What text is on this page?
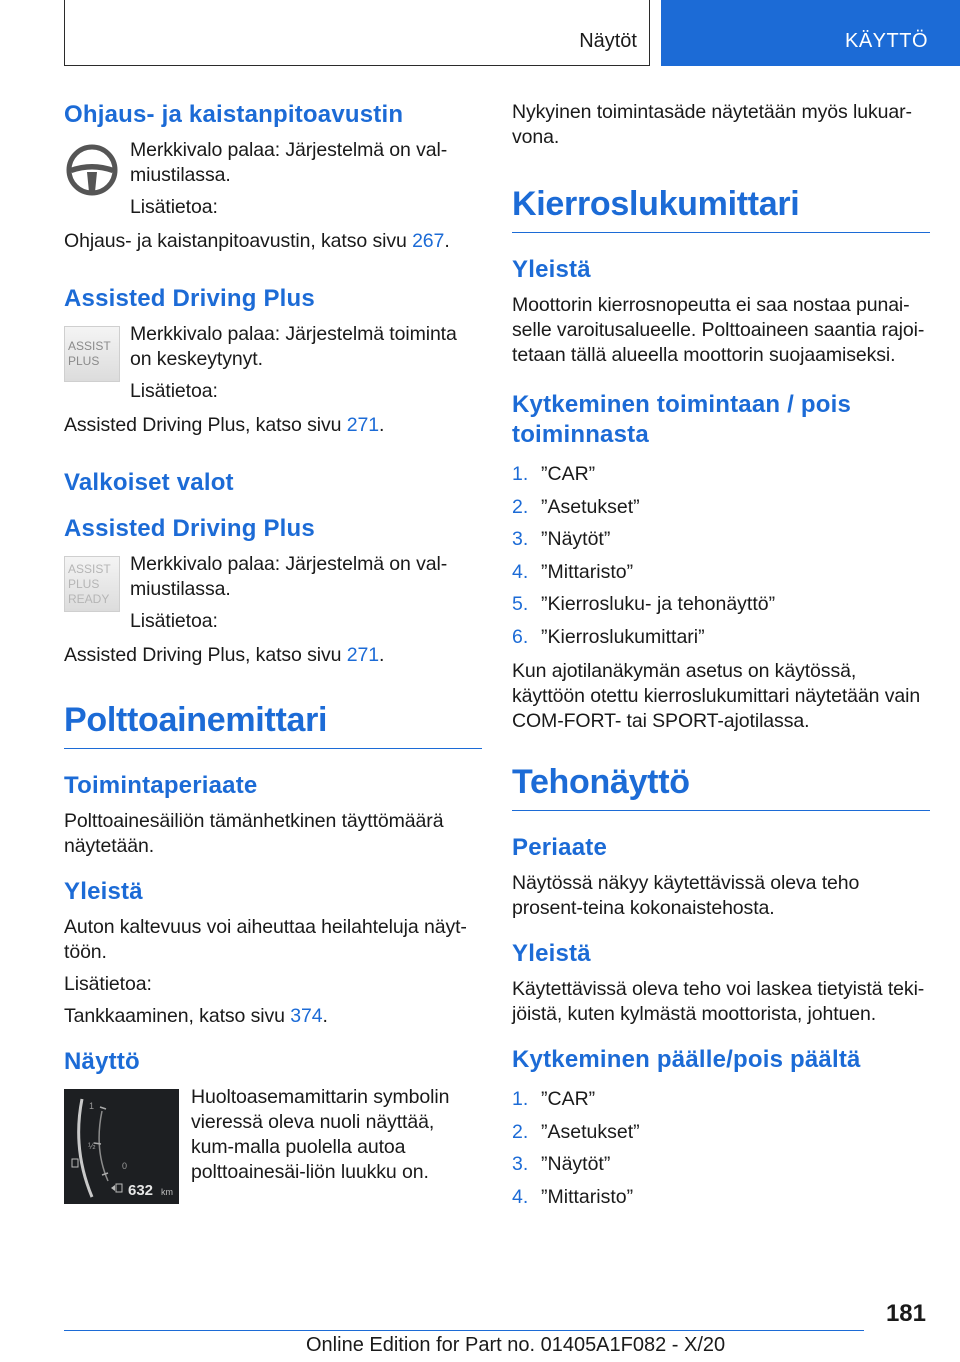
Näytöt	KÄYTTÖ
Ohjaus- ja kaistanpitoavustin

Merkkivalo palaa: Järjestelmä on val-miustilassa.

Lisätietoa:

Ohjaus- ja kaistanpitoavustin, katso sivu 267.

Assisted Driving Plus
ASSIST
PLUS

Merkkivalo palaa: Järjestelmä toiminta on keskeytynyt.

Lisätietoa:

Assisted Driving Plus, katso sivu 271.

Valkoiset valot
Assisted Driving Plus
ASSIST
PLUS
READY

Merkkivalo palaa: Järjestelmä on val-miustilassa.

Lisätietoa:

Assisted Driving Plus, katso sivu 271.

Polttoainemittari
Toimintaperiaate

Polttoainesäiliön tämänhetkinen täyttömäärä näytetään.

Yleistä

Auton kaltevuus voi aiheuttaa heilahteluja näyt-töön.

Lisätietoa:

Tankkaaminen, katso sivu 374.

Näyttö
1
½
0
632 km

Huoltoasemamittarin symbolin vieressä oleva nuoli näyttää, kum-malla puolella autoa polttoainesäi-liön luukku on.

Nykyinen toimintasäde näytetään myös lukuar-vona.

Kierroslukumittari
Yleistä

Moottorin kierrosnopeutta ei saa nostaa punai-selle varoitusalueelle. Polttoaineen saantia rajoi-tetaan tällä alueella moottorin suojaamiseksi.

Kytkeminen toimintaan / pois toiminnasta
1. ”CAR”
2. ”Asetukset”
3. ”Näytöt”
4. ”Mittaristo”
5. ”Kierrosluku- ja tehonäyttö”
6. ”Kierroslukumittari”

Kun ajotilanäkymän asetus on käytössä, käyttöön otettu kierroslukumittari näytetään vain COM-FORT- tai SPORT-ajotilassa.

Tehonäyttö
Periaate

Näytössä näkyy käytettävissä oleva teho prosent-teina kokonaistehosta.

Yleistä

Käytettävissä oleva teho voi laskea tietyistä teki-jöistä, kuten kylmästä moottorista, johtuen.

Kytkeminen päälle/pois päältä
1. ”CAR”
2. ”Asetukset”
3. ”Näytöt”
4. ”Mittaristo”
181
Online Edition for Part no. 01405A1F082 - X/20
